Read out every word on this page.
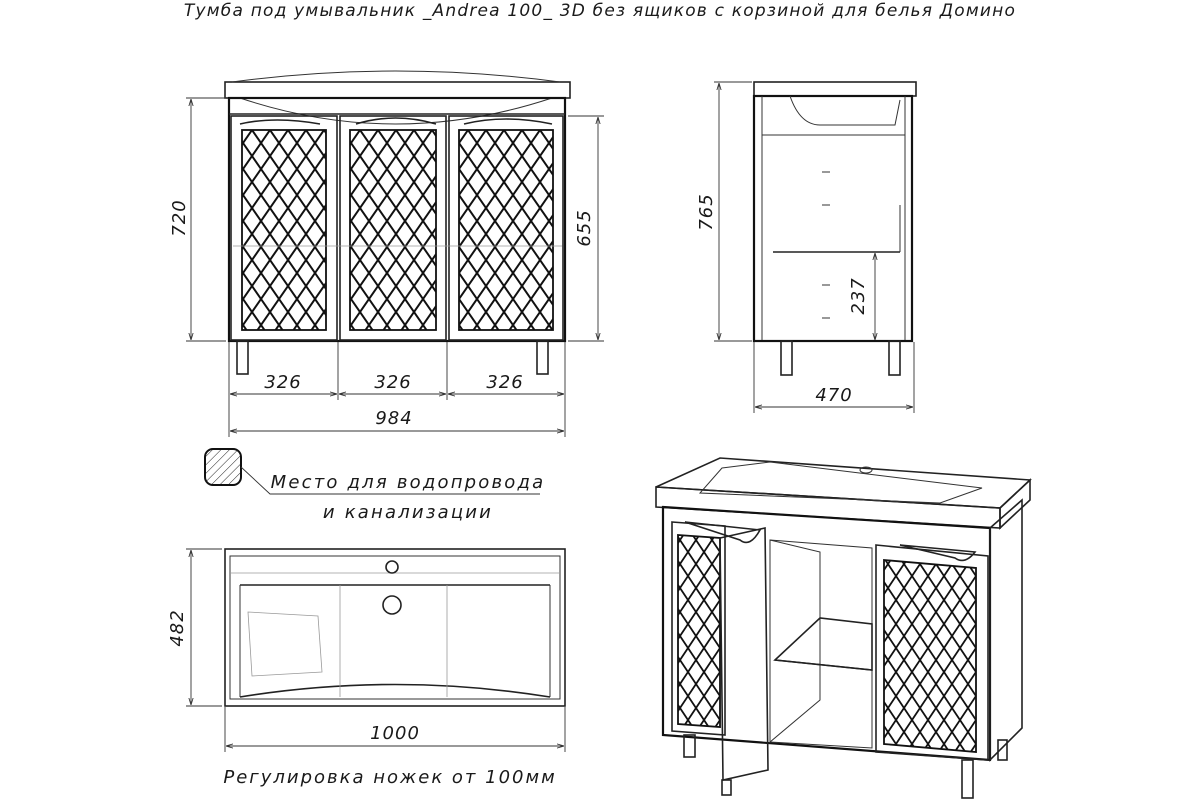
Тумба под умывальник _Andrea 100_ 3D без ящиков с корзиной для белья Домино
720	655
326	326	326
984
765
237
470
Место для водопровода
и канализации
482
1000
Регулировка ножек от 100мм
